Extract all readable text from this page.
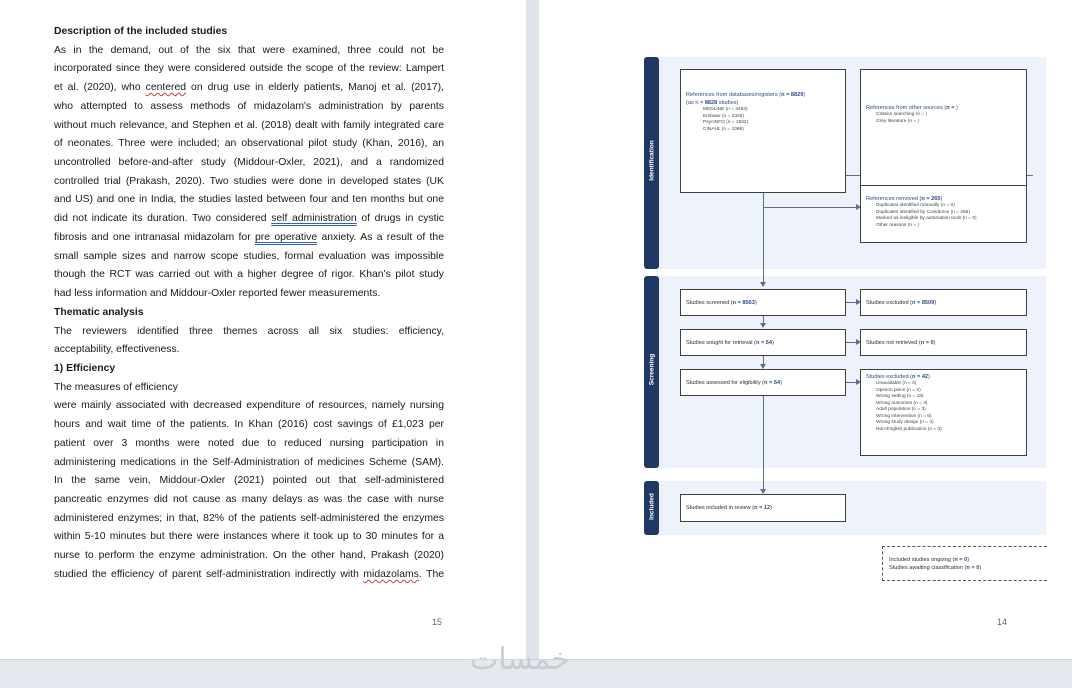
Description of the included studies
As in the demand, out of the six that were examined, three could not be
incorporated since they were considered outside the scope of the review: Lampert
et al. (2020), who centered on drug use in elderly patients, Manoj et al. (2017),
who attempted to assess methods of midazolam's administration by parents
without much relevance, and Stephen et al. (2018) dealt with family integrated care
of neonates. Three were included; an observational pilot study (Khan, 2016), an
uncontrolled before-and-after study (Middour-Oxler, 2021), and a randomized
controlled trial (Prakash, 2020). Two studies were done in developed states (UK
and US) and one in India, the studies lasted between four and ten months but one
did not indicate its duration. Two considered self administration of drugs in cystic
fibrosis and one intranasal midazolam for pre operative anxiety. As a result of the
small sample sizes and narrow scope studies, formal evaluation was impossible
though the RCT was carried out with a higher degree of rigor. Khan's pilot study
had less information and Middour-Oxler reported fewer measurements.
Thematic analysis
The reviewers identified three themes across all six studies: efficiency,
acceptability, effectiveness.
1) Efficiency
The measures of efficiency
were mainly associated with decreased expenditure of resources, namely nursing
hours and wait time of the patients. In Khan (2016) cost savings of £1,023 per
patient over 3 months were noted due to reduced nursing participation in
administering medications in the Self-Administration of medicines Scheme (SAM).
In the same vein, Middour-Oxler (2021) pointed out that self-administered
pancreatic enzymes did not cause as many delays as was the case with nurse
administered enzymes; in that, 82% of the patients self-administered the enzymes
within 5-10 minutes but there were instances where it took up to 30 minutes for a
nurse to perform the enzyme administration. On the other hand, Prakash (2020)
studied the efficiency of parent self-administration indirectly with midazolams. The
15
Identification
Screening
Included
References from databases/registers (n = 8829)
(as n = 8828 studies)
MEDLINE (n = 3483)
Embase (n = 2326)
PsycINFO (n = 1932)
CINAHL (n = 1068)
References from other sources (n = )
Citation searching (n = )
Grey literature (n = )
References removed (n = 265)
Duplicates identified manually (n = 0)
Duplicates identified by Covidence (n = 265)
Marked as ineligible by automation tools (n = 0)
Other reasons (n = )
Studies screened (n = 8563)	Studies excluded (n = 8509)
Studies sought for retrieval (n = 54)	Studies not retrieved (n = 0)
Studies assessed for eligibility (n = 54)
Studies excluded (n = 42)
Unavailable (n = 4)
Opinion piece (n = 2)
Wrong setting (n = 18)
Wrong outcomes (n = 3)
Adult population (n = 3)
Wrong intervention (n = 5)
Wrong study design (n = 4)
Non-English publication (n = 3)
Studies included in review (n = 12)
Included studies ongoing (n = 0)
Studies awaiting classification (n = 0)
14
خمسات
